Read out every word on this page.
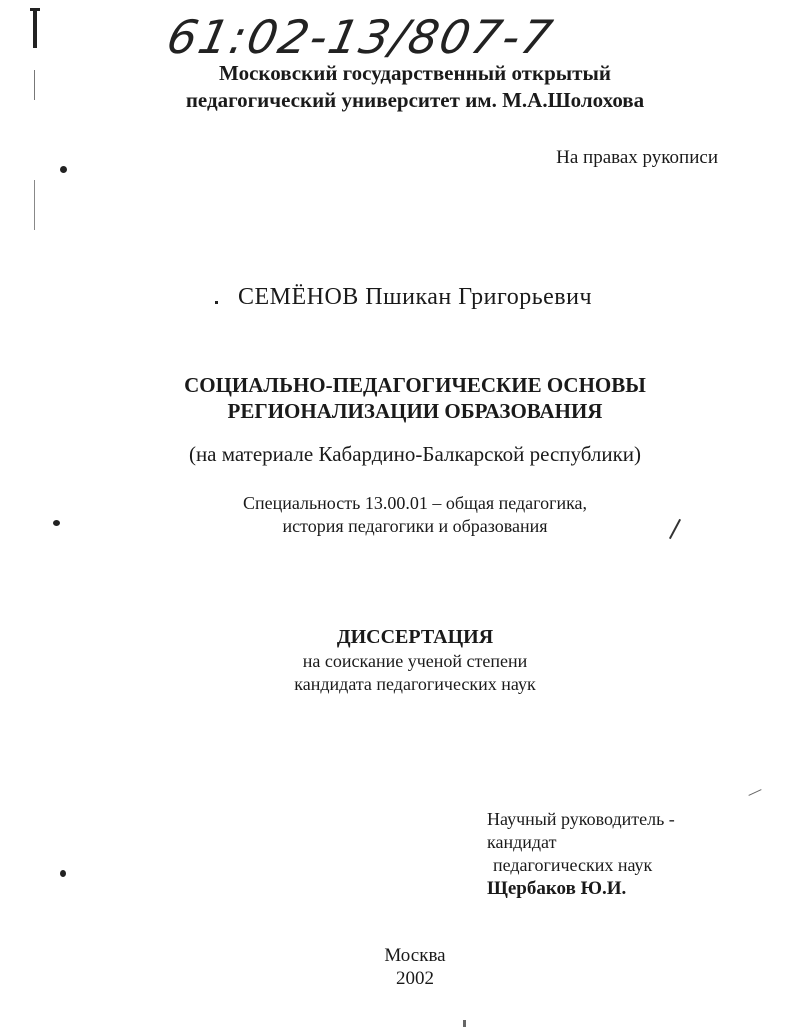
61:02-13/807-7
Московский государственный открытый
педагогический университет им. М.А.Шолохова
На правах рукописи
СЕМЁНОВ Пшикан Григорьевич
СОЦИАЛЬНО-ПЕДАГОГИЧЕСКИЕ ОСНОВЫ
РЕГИОНАЛИЗАЦИИ ОБРАЗОВАНИЯ
(на материале Кабардино-Балкарской республики)
Специальность 13.00.01 – общая педагогика,
история педагогики и образования
ДИССЕРТАЦИЯ
на соискание ученой степени
кандидата педагогических наук
Научный руководитель -
кандидат
педагогических наук
Щербаков Ю.И.
Москва
2002
